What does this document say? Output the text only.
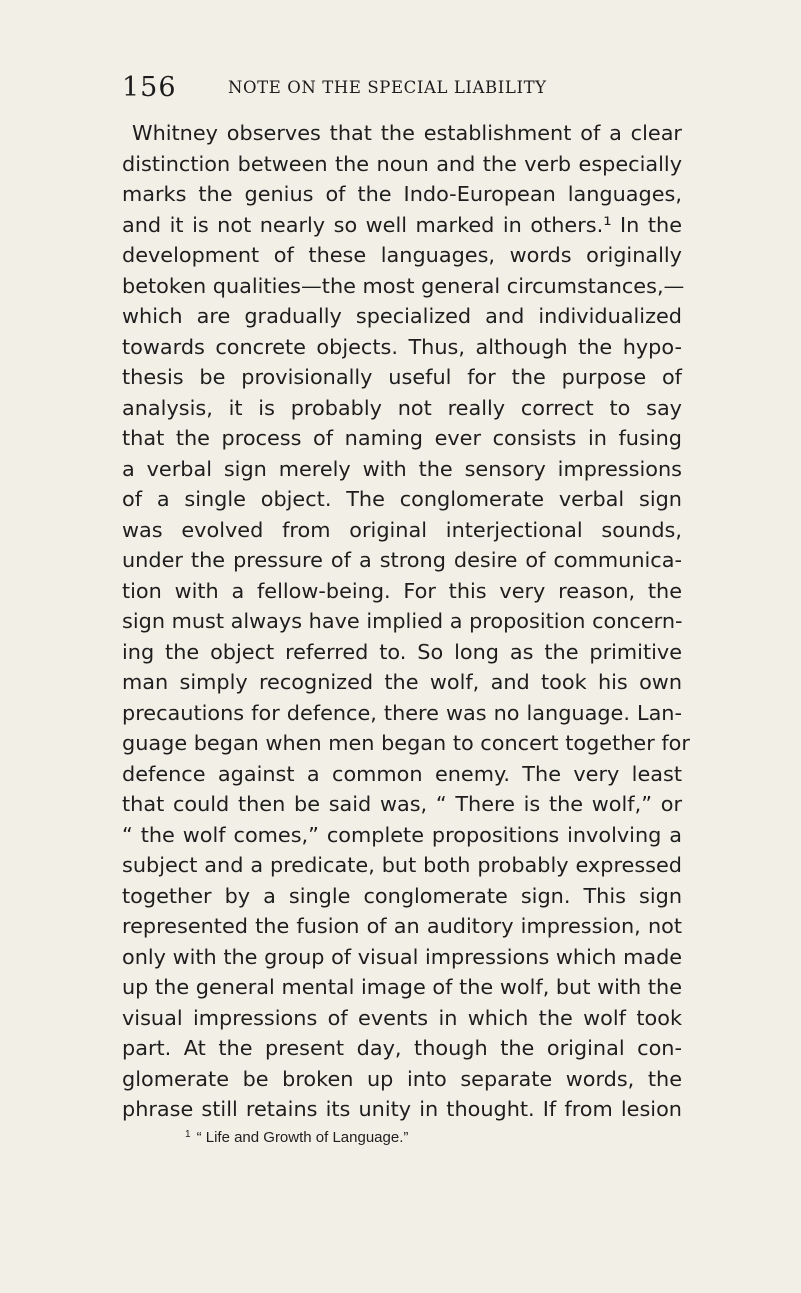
156	NOTE ON THE SPECIAL LIABILITY
Whitney observes that the establishment of a clear
distinction between the noun and the verb especially
marks the genius of the Indo-European languages,
and it is not nearly so well marked in others.¹ In the
development of these languages, words originally
betoken qualities—the most general circumstances,—
which are gradually specialized and individualized
towards concrete objects. Thus, although the hypo-
thesis be provisionally useful for the purpose of
analysis, it is probably not really correct to say
that the process of naming ever consists in fusing
a verbal sign merely with the sensory impressions
of a single object. The conglomerate verbal sign
was evolved from original interjectional sounds,
under the pressure of a strong desire of communica-
tion with a fellow-being. For this very reason, the
sign must always have implied a proposition concern-
ing the object referred to. So long as the primitive
man simply recognized the wolf, and took his own
precautions for defence, there was no language. Lan-
guage began when men began to concert together for
defence against a common enemy. The very least
that could then be said was, “ There is the wolf,” or
“ the wolf comes,” complete propositions involving a
subject and a predicate, but both probably expressed
together by a single conglomerate sign. This sign
represented the fusion of an auditory impression, not
only with the group of visual impressions which made
up the general mental image of the wolf, but with the
visual impressions of events in which the wolf took
part. At the present day, though the original con-
glomerate be broken up into separate words, the
phrase still retains its unity in thought. If from lesion
$^1$ “ Life and Growth of Language.”
